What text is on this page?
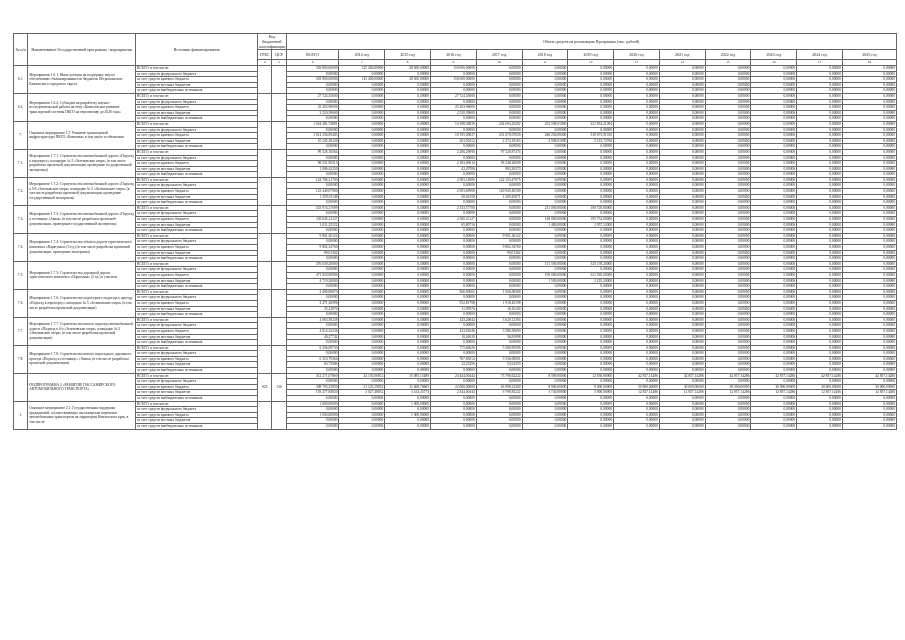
№ п/п	Наименование Государственной программы / мероприятия	Источник финансирования	Код бюджетной классификации		Объем средств на реализацию Программы (тыс. рублей)												
			ГРБС	ЦСР	ВСЕГО	2014 год	2015 год	2016 год	2017 год	2018 год	2019 год	2020 год	2021 год	2022 год	2023 год	2024 год	2025 год
			4	5	6	7	8	9	10	11	12	13	14	15	16	17	18
6.1.	Мероприятие 1.6.1: Иные дотации на поддержку мер по обеспечению сбалансированности бюджетов Петропавловск-Камчатского городского округа	ВСЕГО, в том числе:			303 800,00000	125 400,00000	28 500,00000	150 000,00000	0,00000	0,00000	0,00000	0,00000	0,00000	0,00000	0,00000	0,00000	0,00000
		за счет средств федерального бюджета			0,00000	0,00000	0,00000	0,00000	0,00000	0,00000	0,00000	0,00000	0,00000	0,00000	0,00000	0,00000	0,00000
		за счет средств краевого бюджета			303 800,00000	125 400,00000	28 500,00000	150 000,00000	0,00000	0,00000	0,00000	0,00000	0,00000	0,00000	0,00000	0,00000	0,00000
		за счет средств местных бюджетов			0,00000	0,00000	0,00000	0,00000	0,00000	0,00000	0,00000	0,00000	0,00000	0,00000	0,00000	0,00000	0,00000
		за счет средств внебюджетных источников			0,00000	0,00000	0,00000	0,00000	0,00000	0,00000	0,00000	0,00000	0,00000	0,00000	0,00000	0,00000	0,00000
6.2.	Мероприятие 1.6.2: Субсидии на разработку научно-исследовательской работы на тему «Комплексное развитие транспортной системы ПКГО на перспективу до 2026 года»	ВСЕГО, в том числе:			27 724,35600	0,00000	0,00000	27 724,35600	0,00000	0,00000	0,00000	0,00000	0,00000	0,00000	0,00000	0,00000	0,00000
		за счет средств федерального бюджета			0,00000	0,00000	0,00000	0,00000	0,00000	0,00000	0,00000	0,00000	0,00000	0,00000	0,00000	0,00000	0,00000
		за счет средств краевого бюджета			25 203,96000	0,00000	0,00000	25 203,96000	0,00000	0,00000	0,00000	0,00000	0,00000	0,00000	0,00000	0,00000	0,00000
		за счет средств местных бюджетов			2 520,39600	0,00000	0,00000	2 520,39600	0,00000	0,00000	0,00000	0,00000	0,00000	0,00000	0,00000	0,00000	0,00000
		за счет средств внебюджетных источников			0,00000	0,00000	0,00000	0,00000	0,00000	0,00000	0,00000	0,00000	0,00000	0,00000	0,00000	0,00000	0,00000
7.	Основное мероприятие 1.7: Развитие транспортной инфраструктуры ПКГО «Камчатка» в том числе за объектами	ВСЕГО, в том числе:			1 024 481,74881	0,00000	0,00000	10 398,36839	234 094,25202	252 508,01090	221 854,21094	0,00000	0,00000	0,00000	0,00000	0,00000	0,00000
		за счет средств федерального бюджета			0,00000	0,00000	0,00000	0,00000	0,00000	0,00000	0,00000	0,00000	0,00000	0,00000	0,00000	0,00000	0,00000
		за счет средств краевого бюджета			1 014 236,09403	0,00000	0,00000	10 195,09027	231 670,07039	246 250,00000	518 873,91010	0,00000	0,00000	0,00000	0,00000	0,00000	0,00000
		за счет средств местных бюджетов			10 245,29230	0,00000	0,00000	203,50212	2 374,18163	2 508,01090	5 161,72760	0,00000	0,00000	0,00000	0,00000	0,00000	0,00000
		за счет средств внебюджетных источников			0,00000	0,00000	0,00000	0,00000	0,00000	0,00000	0,00000	0,00000	0,00000	0,00000	0,00000	0,00000	0,00000
7.1.	Мероприятие 1.7.1: Строительство автомобильной дороги «Подъезд к аэропорту» площадью № 5 «Зеленовские озера» (в том числе разработка проектной документации, проведение государственной экспертизы)	ВСЕГО, в том числе:			99 526,16564	0,00000	0,00000	2 206,29090	97 320,87474	0,00000	0,00000	0,00000	0,00000	0,00000	0,00000	0,00000	0,00000
		за счет средств федерального бюджета			0,00000	0,00000	0,00000	0,00000	0,00000	0,00000	0,00000	0,00000	0,00000	0,00000	0,00000	0,00000	0,00000
		за счет средств краевого бюджета			98 531,90313	0,00000	0,00000	2 183,69614	96 348,20699	0,00000	0,00000	0,00000	0,00000	0,00000	0,00000	0,00000	0,00000
		за счет средств местных бюджетов			1 006,42250	0,00000	0,00000	42,29786	983,30370	0,00000	0,00000	0,00000	0,00000	0,00000	0,00000	0,00000	0,00000
		за счет средств внебюджетных источников			0,00000	0,00000	0,00000	0,00000	0,00000	0,00000	0,00000	0,00000	0,00000	0,00000	0,00000	0,00000	0,00000
7.2.	Мероприятие 1.7.2: Строительство автомобильной дороги «Подъезд к 5/6 «Зеленовские озера» площадью № 5 «Зеленовские озера» (в том числе разработка проектной документации, проведение государственной экспертизы)	ВСЕГО, в том числе:			124 706,31700	0,00000	0,00000	2 583,14000	122 153,47975	0,00000	0,00000	0,00000	0,00000	0,00000	0,00000	0,00000	0,00000
		за счет средств федерального бюджета			0,00000	0,00000	0,00000	0,00000	0,00000	0,00000	0,00000	0,00000	0,00000	0,00000	0,00000	0,00000	0,00000
		за счет средств краевого бюджета			123 449,07900	0,00000	0,00000	2 503,69900	120 945,40100	0,00000	0,00000	0,00000	0,00000	0,00000	0,00000	0,00000	0,00000
		за счет средств местных бюджетов			1 259,91148	0,00000	0,00000	50,04158	1 209,45071	0,00000	0,00000	0,00000	0,00000	0,00000	0,00000	0,00000	0,00000
		за счет средств внебюджетных источников			0,00000	0,00000	0,00000	0,00000	0,00000	0,00000	0,00000	0,00000	0,00000	0,00000	0,00000	0,00000	0,00000
7.3.	Мероприятие 1.7.3: Строительство автомобильной дороги «Подъезд к гостинице «Авача» (в том числе разработка проектной документации, проведение государственной экспертизы)	ВСЕГО, в том числе:			333 974,37699	0,00000	0,00000	2 333,57700	0,00000	231 000,00000	100 720,00000	0,00000	0,00000	0,00000	0,00000	0,00000	0,00000
		за счет средств федерального бюджета			0,00000	0,00000	0,00000	0,00000	0,00000	0,00000	0,00000	0,00000	0,00000	0,00000	0,00000	0,00000	0,00000
		за счет средств краевого бюджета			330 645,21127	0,00000	0,00000	2 300,21127	0,00000	148 000,00000	195 752,00000	0,00000	0,00000	0,00000	0,00000	0,00000	0,00000
		за счет средств местных бюджетов			3 031,35522	0,00000	0,00000	65,80716	0,00000	1 480,00000	1 957,52000	0,00000	0,00000	0,00000	0,00000	0,00000	0,00000
		за счет средств внебюджетных источников			0,00000	0,00000	0,00000	0,00000	0,00000	0,00000	0,00000	0,00000	0,00000	0,00000	0,00000	0,00000	0,00000
7.4.	Мероприятие 1.7.4: Строительство объекта дороги туристического комплекса «Паратунка» (3 ед.) (в том числе разработка проектной документации, проведение экспертизы)	ВСЕГО, в том числе:			9 901,36122	0,00000	0,00000	0,00000	9 901,36122	0,00000	0,00000	0,00000	0,00000	0,00000	0,00000	0,00000	0,00000
		за счет средств федерального бюджета			0,00000	0,00000	0,00000	0,00000	0,00000	0,00000	0,00000	0,00000	0,00000	0,00000	0,00000	0,00000	0,00000
		за счет средств краевого бюджета			9 802,34760	0,00000	0,00000	0,00000	9 802,34760	0,00000	0,00000	0,00000	0,00000	0,00000	0,00000	0,00000	0,00000
		за счет средств местных бюджетов			99,01362	0,00000	0,00000	0,00000	99,01362	0,00000	0,00000	0,00000	0,00000	0,00000	0,00000	0,00000	0,00000
		за счет средств внебюджетных источников			0,00000	0,00000	0,00000	0,00000	0,00000	0,00000	0,00000	0,00000	0,00000	0,00000	0,00000	0,00000	0,00000
7.5.	Мероприятие 1.7.5: Строительство дорожной дороги туристического комплекса «Паратунка» (3 ед.) в участках	ВСЕГО, в том числе:			476 639,20000	0,00000	0,00000	0,00000	0,00000	151 500,00000	325 139,20000	0,00000	0,00000	0,00000	0,00000	0,00000	0,00000
		за счет средств федерального бюджета			0,00000	0,00000	0,00000	0,00000	0,00000	0,00000	0,00000	0,00000	0,00000	0,00000	0,00000	0,00000	0,00000
		за счет средств краевого бюджета			471 920,00000	0,00000	0,00000	0,00000	0,00000	150 000,00000	321 920,00000	0,00000	0,00000	0,00000	0,00000	0,00000	0,00000
		за счет средств местных бюджетов			4 719,20000	0,00000	0,00000	0,00000	0,00000	1 500,00000	3 219,20000	0,00000	0,00000	0,00000	0,00000	0,00000	0,00000
		за счет средств внебюджетных источников			0,00000	0,00000	0,00000	0,00000	0,00000	0,00000	0,00000	0,00000	0,00000	0,00000	0,00000	0,00000	0,00000
7.6.	Мероприятие 1.7.6: Строительство подъездного подъезда к проезду «Подъезд к аэропорту» площадью № 5 «Зеленовские озера» (в том числе разработка проектной документации)	ВСЕГО, в том числе:			2 490,89070	0,00000	0,00000	566,90602	1 926,98468	0,00000	0,00000	0,00000	0,00000	0,00000	0,00000	0,00000	0,00000
		за счет средств федерального бюджета			0,00000	0,00000	0,00000	0,00000	0,00000	0,00000	0,00000	0,00000	0,00000	0,00000	0,00000	0,00000	0,00000
		за счет средств краевого бюджета			2 471,26996	0,00000	0,00000	552,81798	1 918,45198	0,00000	0,00000	0,00000	0,00000	0,00000	0,00000	0,00000	0,00000
		за счет средств местных бюджетов			25,23076	0,00000	0,00000	11,05976	18,16100	0,00000	0,00000	0,00000	0,00000	0,00000	0,00000	0,00000	0,00000
		за счет средств внебюджетных источников			0,00000	0,00000	0,00000	0,00000	0,00000	0,00000	0,00000	0,00000	0,00000	0,00000	0,00000	0,00000	0,00000
7.7.	Мероприятие 1.7.7: Строительство нового подъезда автомобильной дороги «Подъезд к б/о «Зеленовские озера» площадью № 5 «Зеленовские озера» (в том числе разработка проектной документации)	ВСЕГО, в том числе:			4 063,39238	0,00000	0,00000	443,26844	3 620,12394	0,00000	0,00000	0,00000	0,00000	0,00000	0,00000	0,00000	0,00000
		за счет средств федерального бюджета			0,00000	0,00000	0,00000	0,00000	0,00000	0,00000	0,00000	0,00000	0,00000	0,00000	0,00000	0,00000	0,00000
		за счет средств краевого бюджета			4 014,32336	0,00000	0,00000	433,81646	3 580,50690	0,00000	0,00000	0,00000	0,00000	0,00000	0,00000	0,00000	0,00000
		за счет средств местных бюджетов			40,27742	0,00000	0,00000	10,44630	36,83098	0,00000	0,00000	0,00000	0,00000	0,00000	0,00000	0,00000	0,00000
		за счет средств внебюджетных источников			0,00000	0,00000	0,00000	0,00000	0,00000	0,00000	0,00000	0,00000	0,00000	0,00000	0,00000	0,00000	0,00000
7.8.	Мероприятие 1.7.8: Строительство нового подъездного дорожного проезда «Подъезд к гостинице» «Авача» (в том числе разработка проектной документации)	ВСЕГО, в том числе:			6 356,09730	0,00000	0,00000	775,60620	5 580,95595	0,00000	0,00000	0,00000	0,00000	0,00000	0,00000	0,00000	0,00000
		за счет средств федерального бюджета			0,00000	0,00000	0,00000	0,00000	0,00000	0,00000	0,00000	0,00000	0,00000	0,00000	0,00000	0,00000	0,00000
		за счет средств краевого бюджета			6 310,79364	0,00000	0,00000	767,85014	5 536,00001	0,00000	0,00000	0,00000	0,00000	0,00000	0,00000	0,00000	0,00000
		за счет средств местных бюджетов			63,73006	0,00000	0,00000	12,23356	54,54353	0,00000	0,00000	0,00000	0,00000	0,00000	0,00000	0,00000	0,00000
		за счет средств внебюджетных источников			0,00000	0,00000	0,00000	0,00000	0,00000	0,00000	0,00000	0,00000	0,00000	0,00000	0,00000	0,00000	0,00000
	ПОДПРОГРАММА 2 «РАЗВИТИЕ ПАССАЖИРСКОГО АВТОМОБИЛЬНОГО ТРАНСПОРТА»	ВСЕГО, в том числе:	825	130	412 271,07860	24 130,06812	15 083,15489	24 444,00444	73 798,62222	8 589,00000	12 650,00000	42 837,14286	42 857,14286	42 857,14286	42 857,14286	42 857,14286	42 857,14286
		за счет средств федерального бюджета			0,00000	0,00000	0,00000	0,00000	0,00000	0,00000	0,00000	0,00000	0,00000	0,00000	0,00000	0,00000	0,00000
		за счет средств краевого бюджета			308 793,23950	21 103,59052	11 668,70605	22 000,00000	63 998,23400	8 900,00000	9 000,00000	30 000,00000	30 000,00000	30 000,00000	30 000,00000	30 000,00000	30 000,00000
		за счет средств местных бюджетов			103 477,84820	3 027,48052	3 414,45773	2 444,00444	9 799,83222	1 740,00000	3 900,00000	12 837,14286	12 857,14286	12 857,14286	12 857,14286	12 857,14286	12 857,14286
		за счет средств внебюджетных источников			0,00000	0,00000	0,00000	0,00000	0,00000	0,00000	0,00000	0,00000	0,00000	0,00000	0,00000	0,00000	0,00000
1.	Основное мероприятие 2.1: Государственная поддержка предприятий, осуществляющих пассажирские перевозки автомобильным транспортом на территории Камчатского края, в том числе:	ВСЕГО, в том числе:			1 000,00000	0,00000	1 000,00000	0,00000	0,00000	0,00000	0,00000	0,00000	0,00000	0,00000	0,00000	0,00000	0,00000
		за счет средств федерального бюджета			0,00000	0,00000	0,00000	0,00000	0,00000	0,00000	0,00000	0,00000	0,00000	0,00000	0,00000	0,00000	0,00000
		за счет средств краевого бюджета			1 000,00000	0,00000	1 000,00000	0,00000	0,00000	0,00000	0,00000	0,00000	0,00000	0,00000	0,00000	0,00000	0,00000
		за счет средств местных бюджетов			0,00000	0,00000	0,00000	0,00000	0,00000	0,00000	0,00000	0,00000	0,00000	0,00000	0,00000	0,00000	0,00000
		за счет средств внебюджетных источников			0,00000	0,00000	0,00000	0,00000	0,00000	0,00000	0,00000	0,00000	0,00000	0,00000	0,00000	0,00000	0,00000
